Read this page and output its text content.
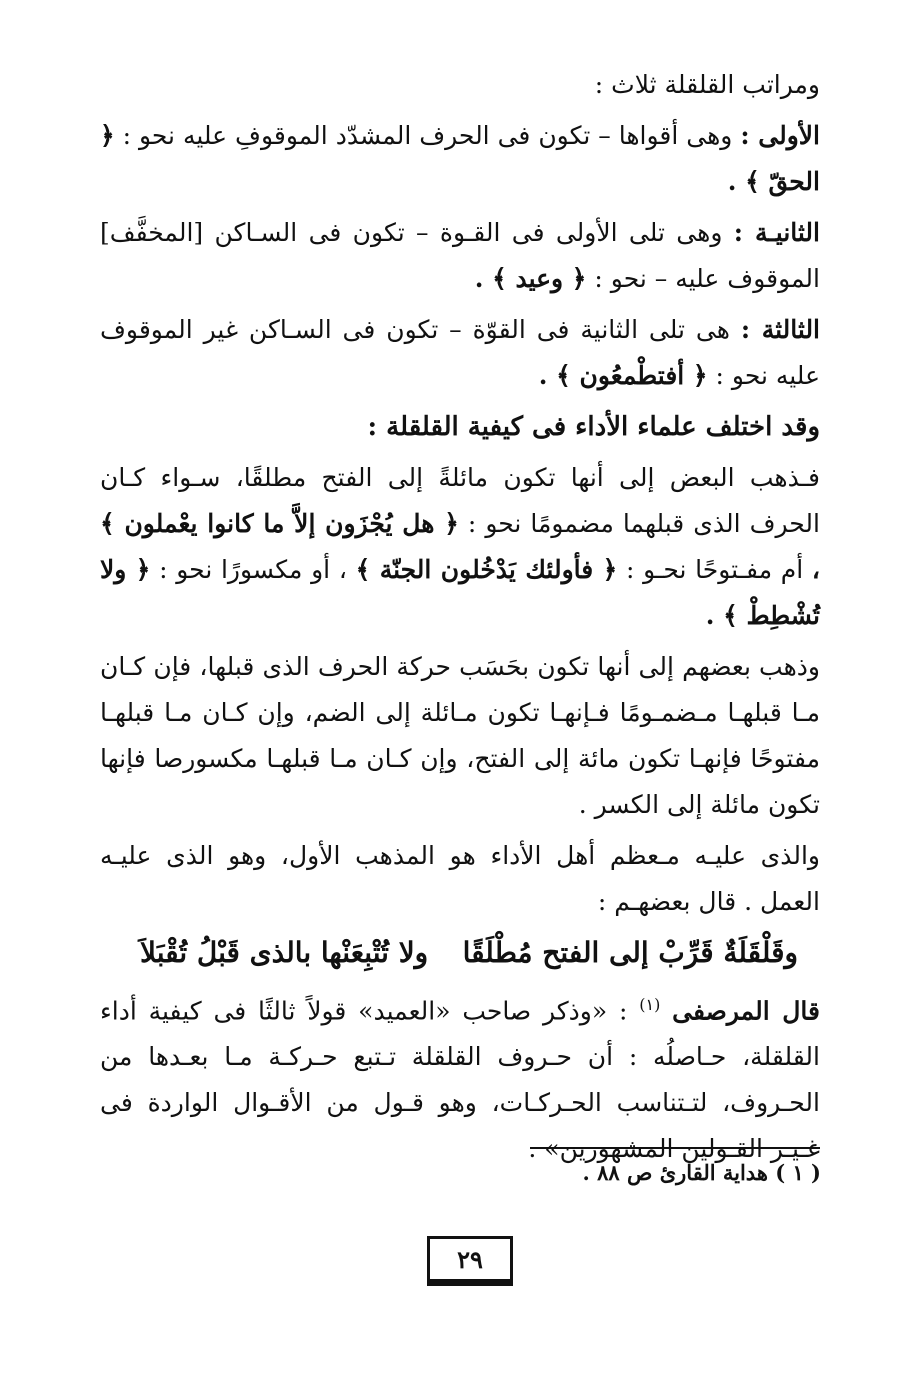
ومراتب القلقلة ثلاث :

الأولى : وهى أقواها – تكون فى الحرف المشدّد الموقوفِ عليه نحو : ﴿ الحقّ ﴾ .

الثانيـة : وهى تلى الأولى فى القـوة – تكون فى السـاكن [المخفَّف] الموقوف عليه – نحو : ﴿ وعيد ﴾ .

الثالثة : هى تلى الثانية فى القوّة – تكون فى السـاكن غير الموقوف عليه نحو : ﴿ أفتطْمعُون ﴾ .

وقد اختلف علماء الأداء فى كيفية القلقلة :

فـذهب البعض إلى أنها تكون مائلةً إلى الفتح مطلقًا، سـواء كـان الحرف الذى قبلهما مضمومًا نحو : ﴿ هل يُجْزَون إلاَّ ما كانوا يعْملون ﴾ ، أم مفـتوحًا نحـو : ﴿ فأولئك يَدْخُلون الجنّة ﴾ ، أو مكسورًا نحو : ﴿ ولا تُشْطِطْ ﴾ .

وذهب بعضهم إلى أنها تكون بحَسَب حركة الحرف الذى قبلها، فإن كـان مـا قبلهـا مـضمـومًا فـإنهـا تكون مـائلة إلى الضم، وإن كـان مـا قبلهـا مفتوحًا فإنهـا تكون مائة إلى الفتح، وإن كـان مـا قبلهـا مكسورصا فإنها تكون مائلة إلى الكسر .

والذى عليـه مـعظم أهل الأداء هو المذهب الأول، وهو الذى عليـه العمل . قال بعضهـم :

وقَلْقَلَةٌ قَرِّبْ إلى الفتح مُطْلَقًا
ولا تُتْبِعَنْها بالذى قَبْلُ تُقْبَلاَ

قال المرصفى $^{(١)}$ : «وذكر صاحب «العميد» قولاً ثالثًا فى كيفية أداء القلقلة، حـاصلُه : أن حـروف القلقلة تـتبع حـركـة مـا بعـدها من الحـروف، لتـتناسب الحـركـات، وهو قـول من الأقـوال الواردة فى غـيـر القـولين المشهورين» .

( ١ ) هداية القارئ ص ٨٨ .
٢٩
